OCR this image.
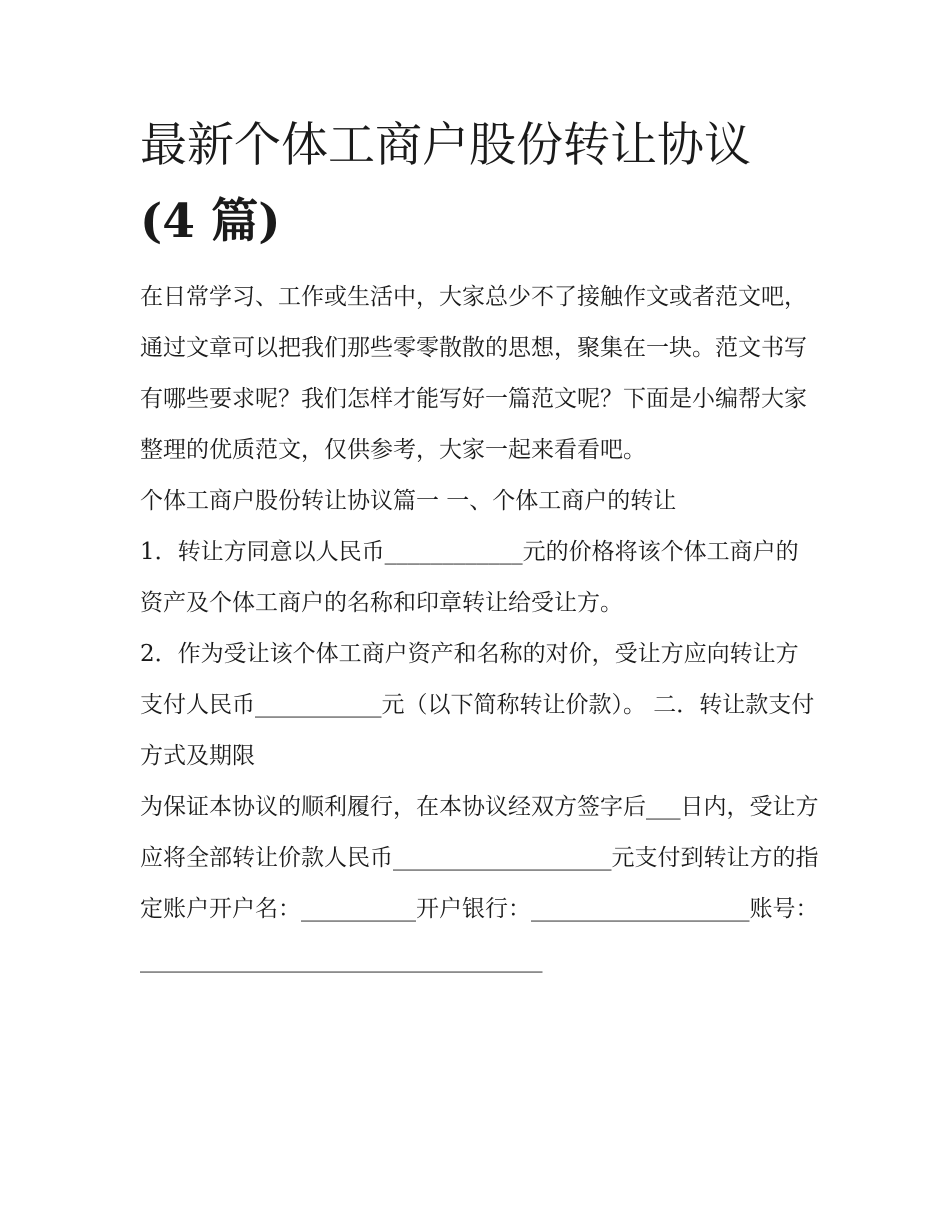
最新个体工商户股份转让协议
(4 篇)

在日常学习、工作或生活中，大家总少不了接触作文或者范文吧，通过文章可以把我们那些零零散散的思想，聚集在一块。范文书写有哪些要求呢？我们怎样才能写好一篇范文呢？下面是小编帮大家整理的优质范文，仅供参考，大家一起来看看吧。

个体工商户股份转让协议篇一 一、个体工商户的转让

1．转让方同意以人民币____________元的价格将该个体工商户的资产及个体工商户的名称和印章转让给受让方。

2．作为受让该个体工商户资产和名称的对价，受让方应向转让方支付人民币___________元（以下简称转让价款）。 二．转让款支付方式及期限

为保证本协议的顺利履行，在本协议经双方签字后___日内，受让方应将全部转让价款人民币___________________元支付到转让方的指定账户开户名：__________开户银行：___________________账号：___________________________________
